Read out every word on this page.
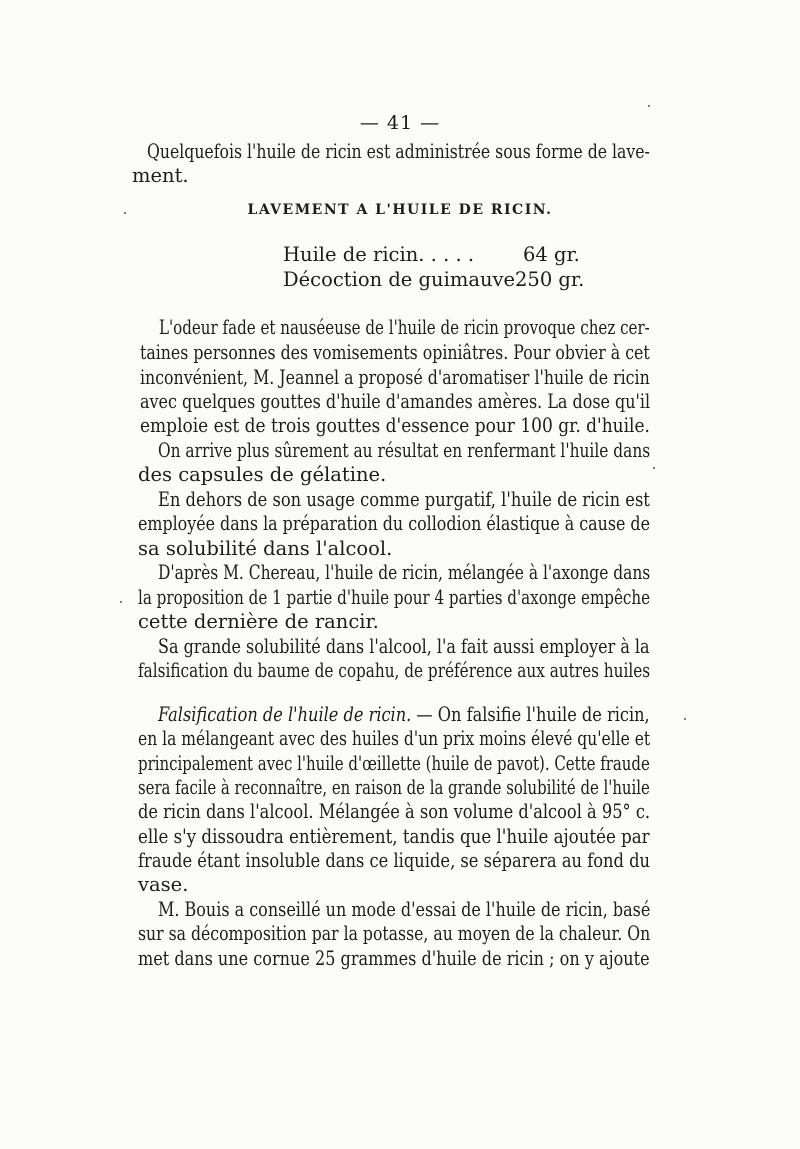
— 41 —
Quelquefois l'huile de ricin est administrée sous forme de lave-
ment.
LAVEMENT A L'HUILE DE RICIN.
Huile de ricin. . . . .	64 gr.
Décoction de guimauve.
250 gr.
L'odeur fade et nauséeuse de l'huile de ricin provoque chez cer-
taines personnes des vomisements opiniâtres. Pour obvier à cet
inconvénient, M. Jeannel a proposé d'aromatiser l'huile de ricin
avec quelques gouttes d'huile d'amandes amères. La dose qu'il
emploie est de trois gouttes d'essence pour 100 gr. d'huile.
On arrive plus sûrement au résultat en renfermant l'huile dans
des capsules de gélatine.
En dehors de son usage comme purgatif, l'huile de ricin est
employée dans la préparation du collodion élastique à cause de
sa solubilité dans l'alcool.
D'après M. Chereau, l'huile de ricin, mélangée à l'axonge dans
la proposition de 1 partie d'huile pour 4 parties d'axonge empêche
cette dernière de rancir.
Sa grande solubilité dans l'alcool, l'a fait aussi employer à la
falsification du baume de copahu, de préférence aux autres huiles
Falsification de l'huile de ricin. — On falsifie l'huile de ricin,
en la mélangeant avec des huiles d'un prix moins élevé qu'elle et
principalement avec l'huile d'œillette (huile de pavot). Cette fraude
sera facile à reconnaître, en raison de la grande solubilité de l'huile
de ricin dans l'alcool. Mélangée à son volume d'alcool à 95° c.
elle s'y dissoudra entièrement, tandis que l'huile ajoutée par
fraude étant insoluble dans ce liquide, se séparera au fond du
vase.
M. Bouis a conseillé un mode d'essai de l'huile de ricin, basé
sur sa décomposition par la potasse, au moyen de la chaleur. On
met dans une cornue 25 grammes d'huile de ricin ; on y ajoute
